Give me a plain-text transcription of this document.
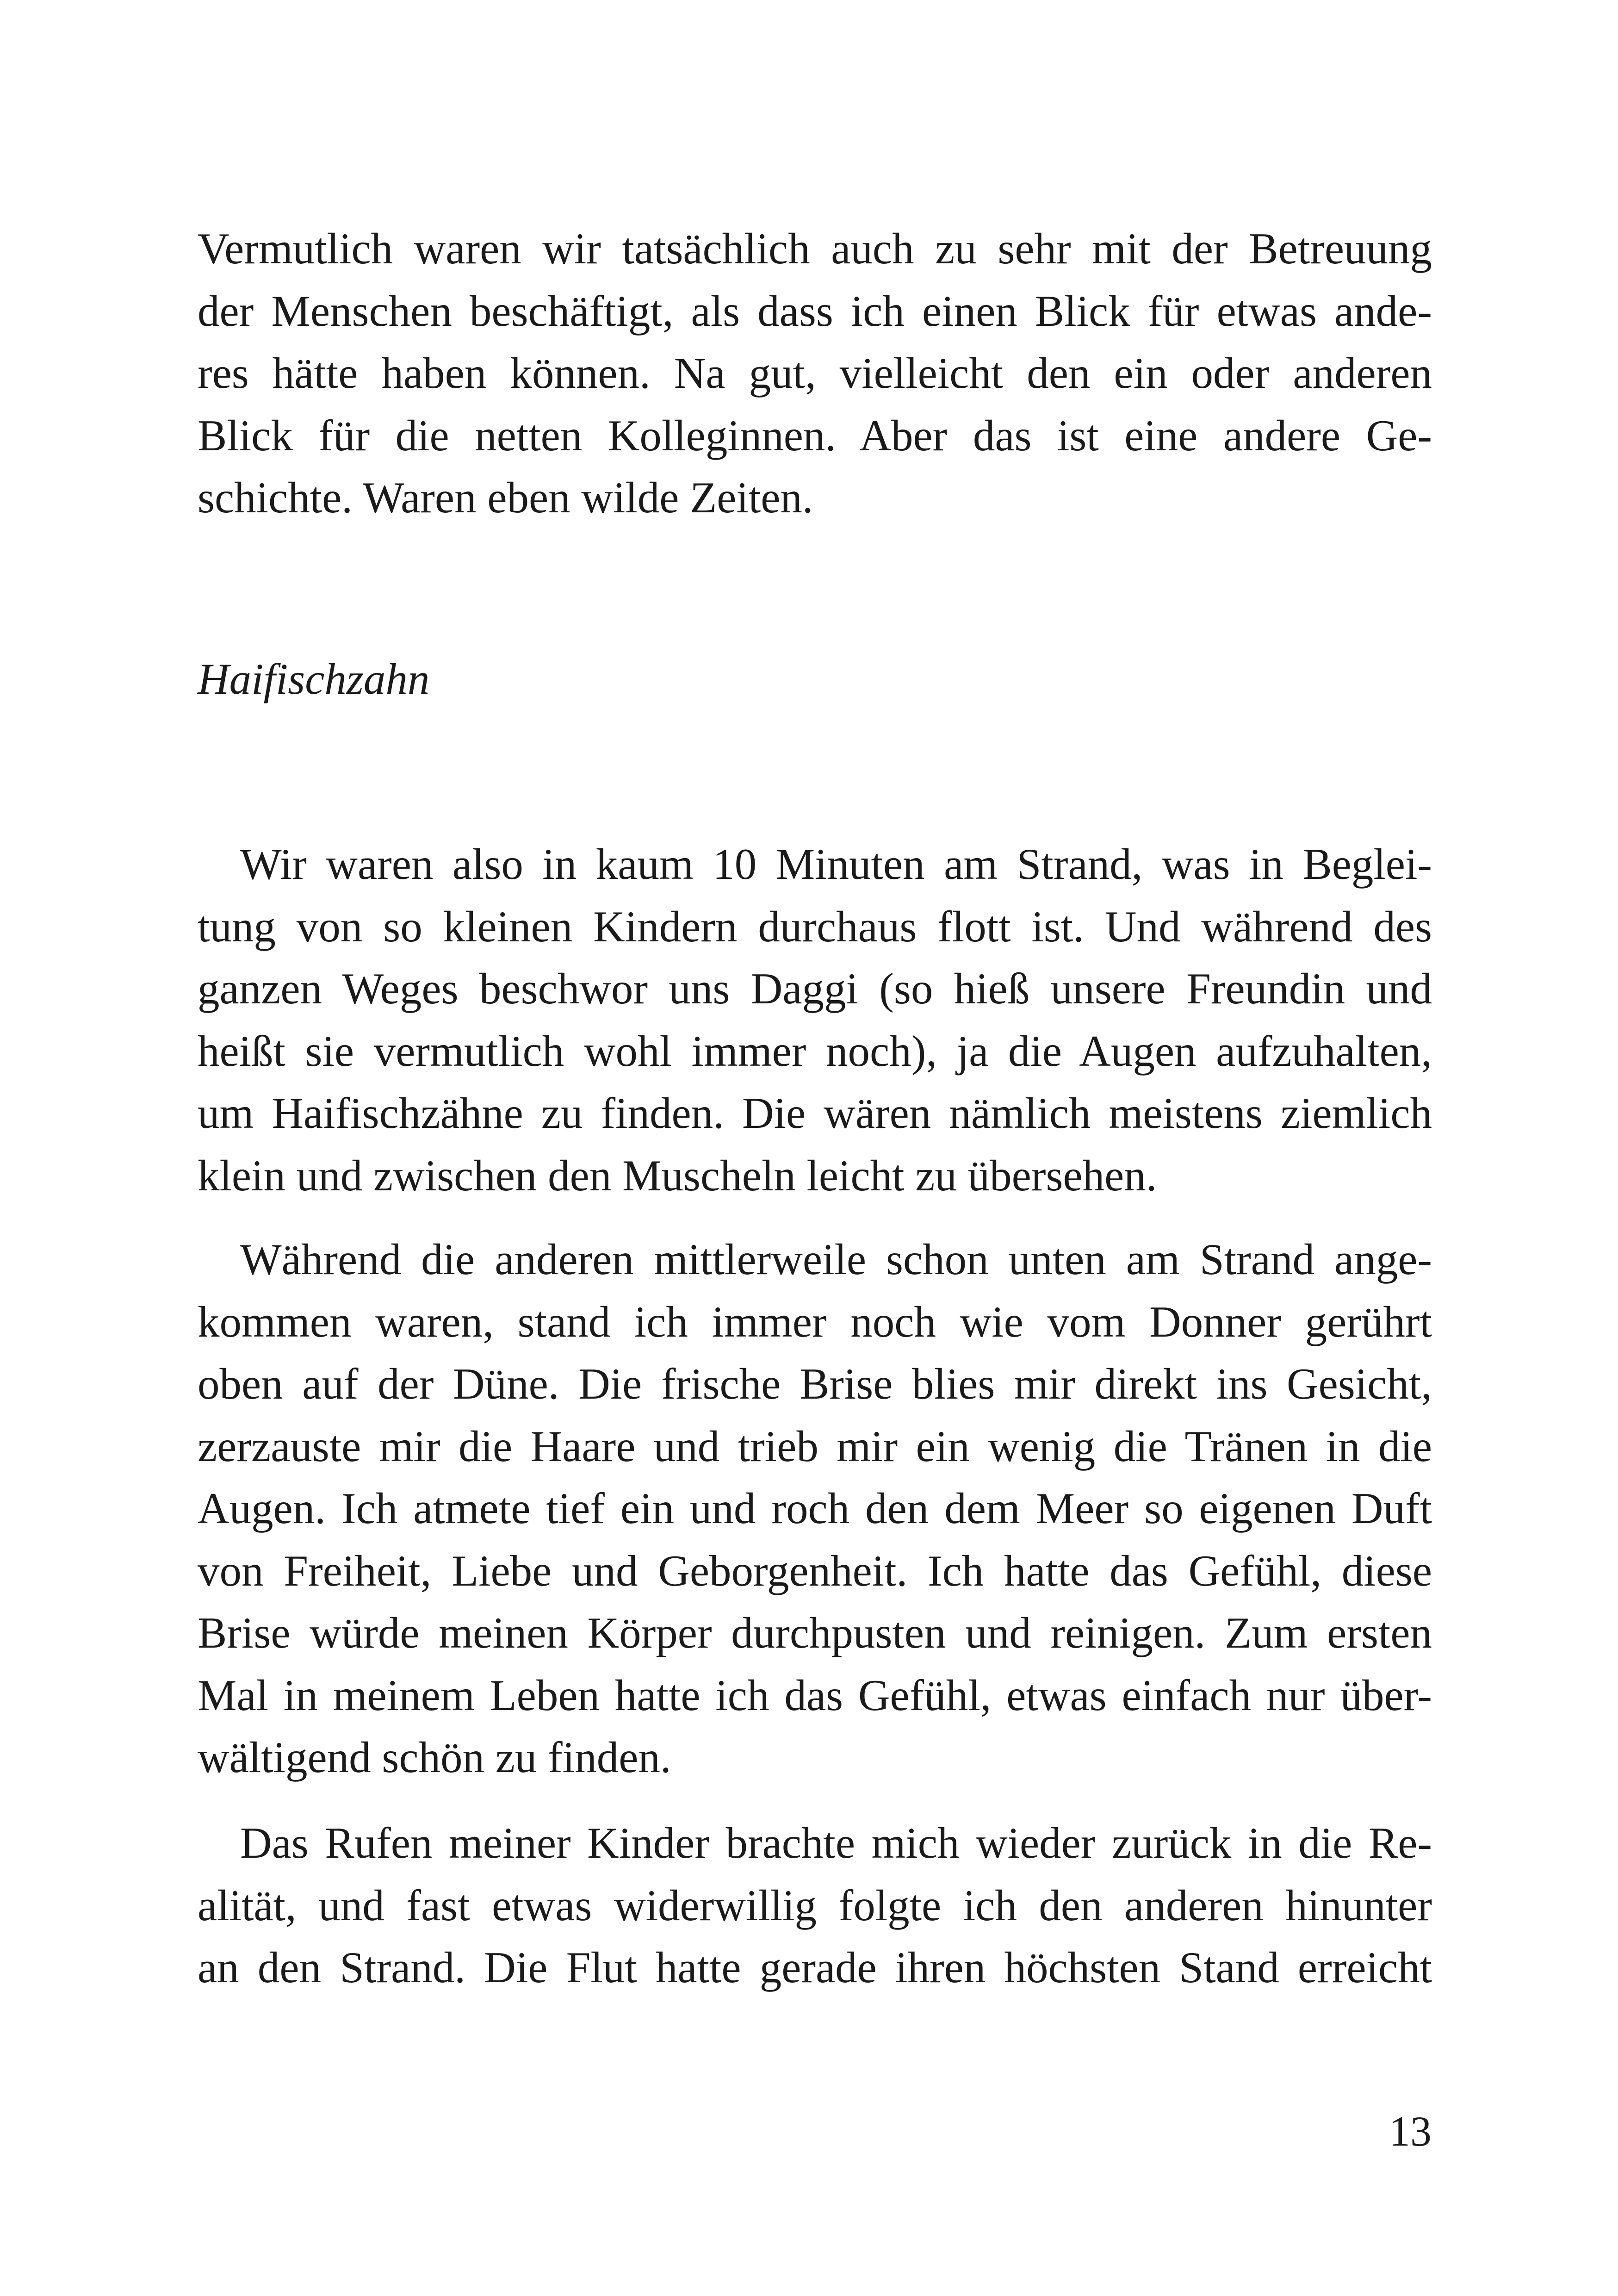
Vermutlich waren wir tatsächlich auch zu sehr mit der Betreuung
der Menschen beschäftigt, als dass ich einen Blick für etwas ande-
res hätte haben können. Na gut, vielleicht den ein oder anderen
Blick für die netten Kolleginnen. Aber das ist eine andere Ge-
schichte. Waren eben wilde Zeiten.
Haifischzahn
Wir waren also in kaum 10 Minuten am Strand, was in Beglei-
tung von so kleinen Kindern durchaus flott ist. Und während des
ganzen Weges beschwor uns Daggi (so hieß unsere Freundin und
heißt sie vermutlich wohl immer noch), ja die Augen aufzuhalten,
um Haifischzähne zu finden. Die wären nämlich meistens ziemlich
klein und zwischen den Muscheln leicht zu übersehen.
Während die anderen mittlerweile schon unten am Strand ange-
kommen waren, stand ich immer noch wie vom Donner gerührt
oben auf der Düne. Die frische Brise blies mir direkt ins Gesicht,
zerzauste mir die Haare und trieb mir ein wenig die Tränen in die
Augen. Ich atmete tief ein und roch den dem Meer so eigenen Duft
von Freiheit, Liebe und Geborgenheit. Ich hatte das Gefühl, diese
Brise würde meinen Körper durchpusten und reinigen. Zum ersten
Mal in meinem Leben hatte ich das Gefühl, etwas einfach nur über-
wältigend schön zu finden.
Das Rufen meiner Kinder brachte mich wieder zurück in die Re-
alität, und fast etwas widerwillig folgte ich den anderen hinunter
an den Strand. Die Flut hatte gerade ihren höchsten Stand erreicht
13
